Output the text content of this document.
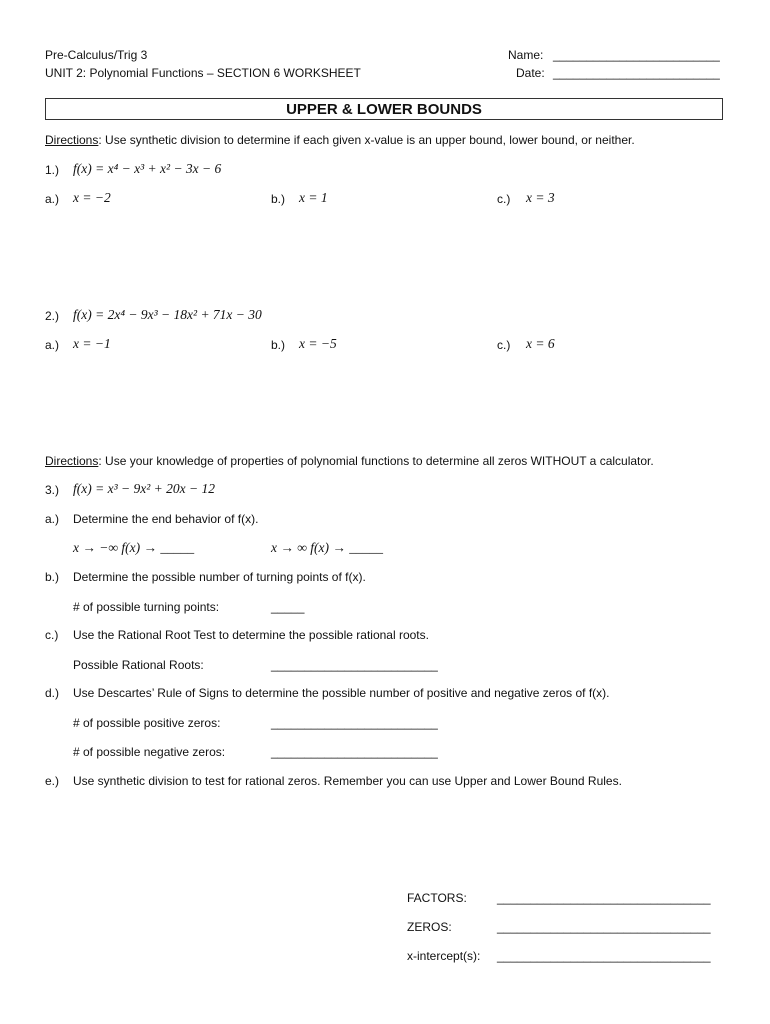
Pre-Calculus/Trig 3
UNIT 2: Polynomial Functions – SECTION 6 WORKSHEET
Name: _________________________
Date: _________________________
UPPER & LOWER BOUNDS
Directions: Use synthetic division to determine if each given x-value is an upper bound, lower bound, or neither.
1.) f(x) = x⁴ − x³ + x² − 3x − 6
a.) x = −2	b.) x = 1	c.) x = 3
2.) f(x) = 2x⁴ − 9x³ − 18x² + 71x − 30
a.) x = −1	b.) x = −5	c.) x = 6
Directions: Use your knowledge of properties of polynomial functions to determine all zeros WITHOUT a calculator.
3.) f(x) = x³ − 9x² + 20x − 12
a.) Determine the end behavior of f(x).
x → −∞ f(x) → _____	x → ∞ f(x) → _____
b.) Determine the possible number of turning points of f(x).
# of possible turning points:	_____
c.) Use the Rational Root Test to determine the possible rational roots.
Possible Rational Roots:	_________________________
d.) Use Descartes’ Rule of Signs to determine the possible number of positive and negative zeros of f(x).
# of possible positive zeros:	_________________________
# of possible negative zeros:	_________________________
e.) Use synthetic division to test for rational zeros. Remember you can use Upper and Lower Bound Rules.
FACTORS:	________________________________
ZEROS:	________________________________
x-intercept(s): ________________________________
